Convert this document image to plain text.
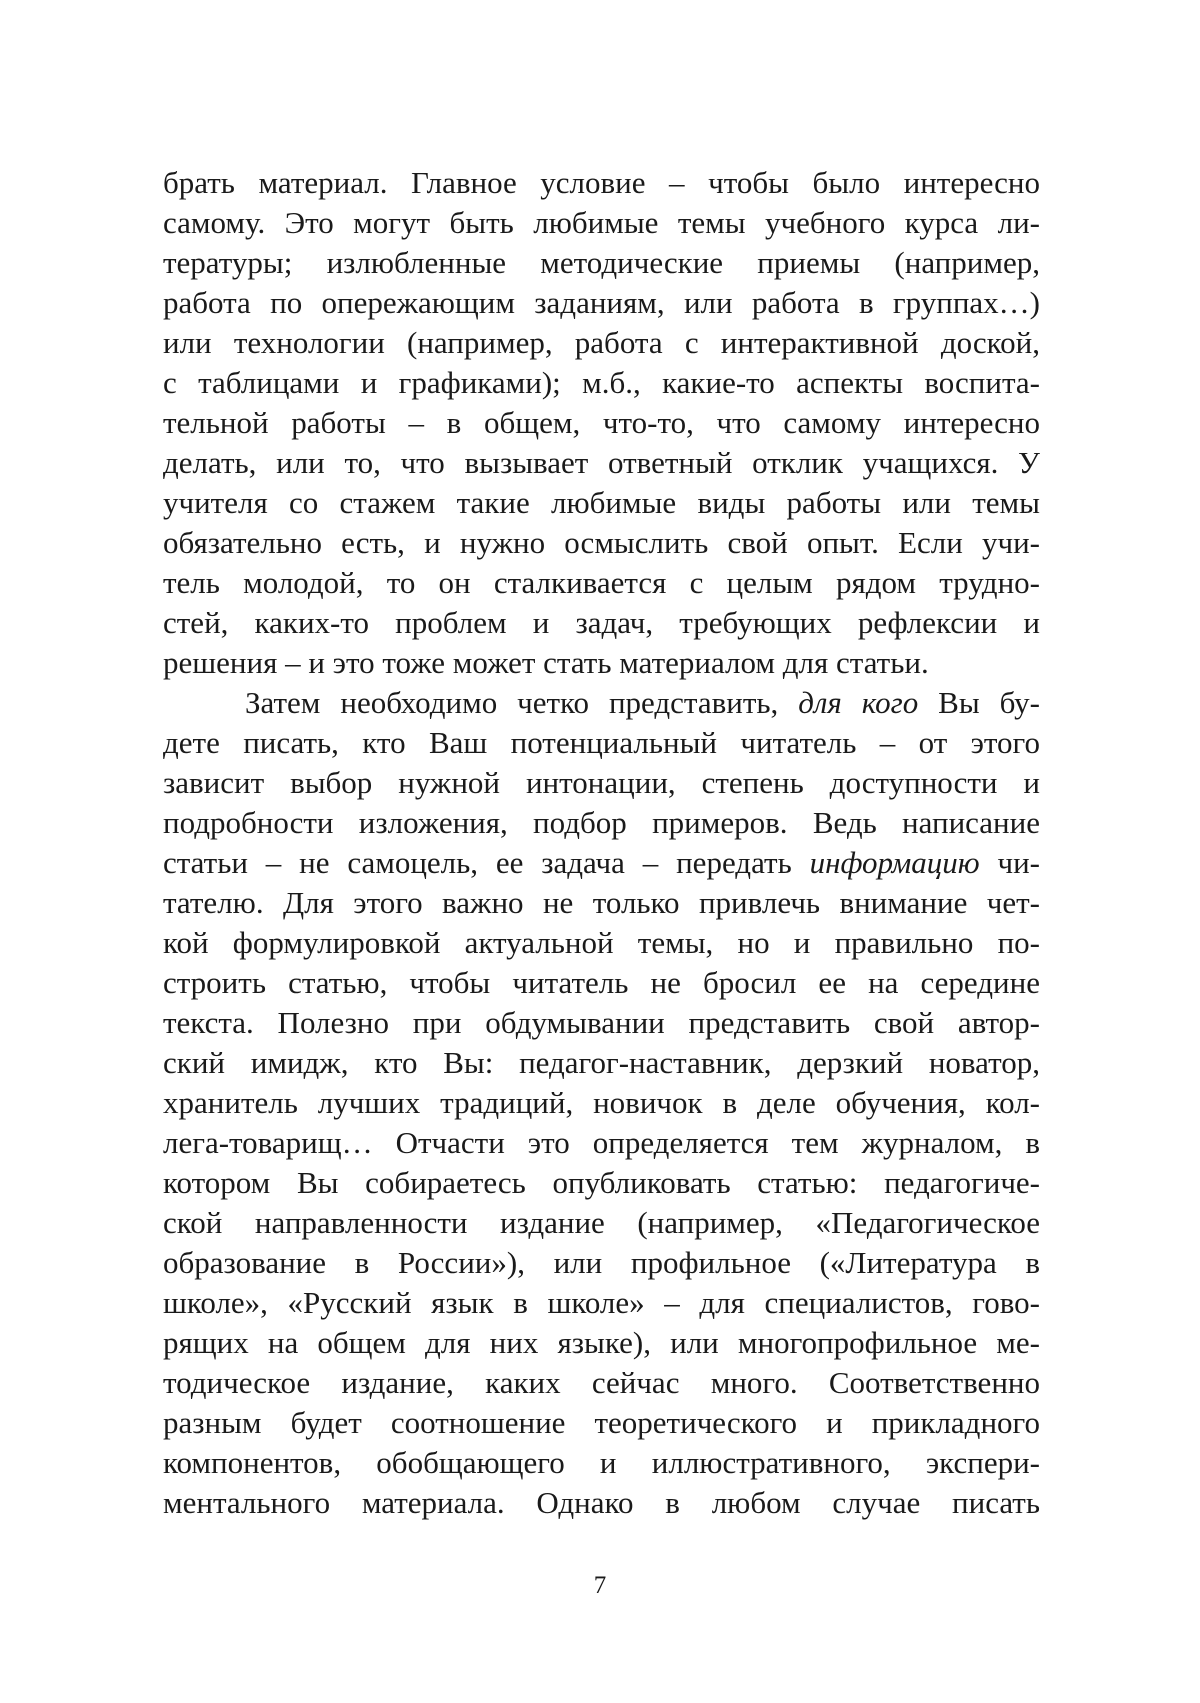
брать материал. Главное условие – чтобы было интересно
самому. Это могут быть любимые темы учебного курса ли-
тературы; излюбленные методические приемы (например,
работа по опережающим заданиям, или работа в группах…)
или технологии (например, работа с интерактивной доской,
с таблицами и графиками); м.б., какие-то аспекты воспита-
тельной работы – в общем, что-то, что самому интересно
делать, или то, что вызывает ответный отклик учащихся. У
учителя со стажем такие любимые виды работы или темы
обязательно есть, и нужно осмыслить свой опыт. Если учи-
тель молодой, то он сталкивается с целым рядом трудно-
стей, каких-то проблем и задач, требующих рефлексии и
решения – и это тоже может стать материалом для статьи.
Затем необходимо четко представить, для кого Вы бу-
дете писать, кто Ваш потенциальный читатель – от этого
зависит выбор нужной интонации, степень доступности и
подробности изложения, подбор примеров. Ведь написание
статьи – не самоцель, ее задача – передать информацию чи-
тателю. Для этого важно не только привлечь внимание чет-
кой формулировкой актуальной темы, но и правильно по-
строить статью, чтобы читатель не бросил ее на середине
текста. Полезно при обдумывании представить свой автор-
ский имидж, кто Вы: педагог-наставник, дерзкий новатор,
хранитель лучших традиций, новичок в деле обучения, кол-
лега-товарищ… Отчасти это определяется тем журналом, в
котором Вы собираетесь опубликовать статью: педагогиче-
ской направленности издание (например, «Педагогическое
образование в России»), или профильное («Литература в
школе», «Русский язык в школе» – для специалистов, гово-
рящих на общем для них языке), или многопрофильное ме-
тодическое издание, каких сейчас много. Соответственно
разным будет соотношение теоретического и прикладного
компонентов, обобщающего и иллюстративного, экспери-
ментального материала. Однако в любом случае писать
7
